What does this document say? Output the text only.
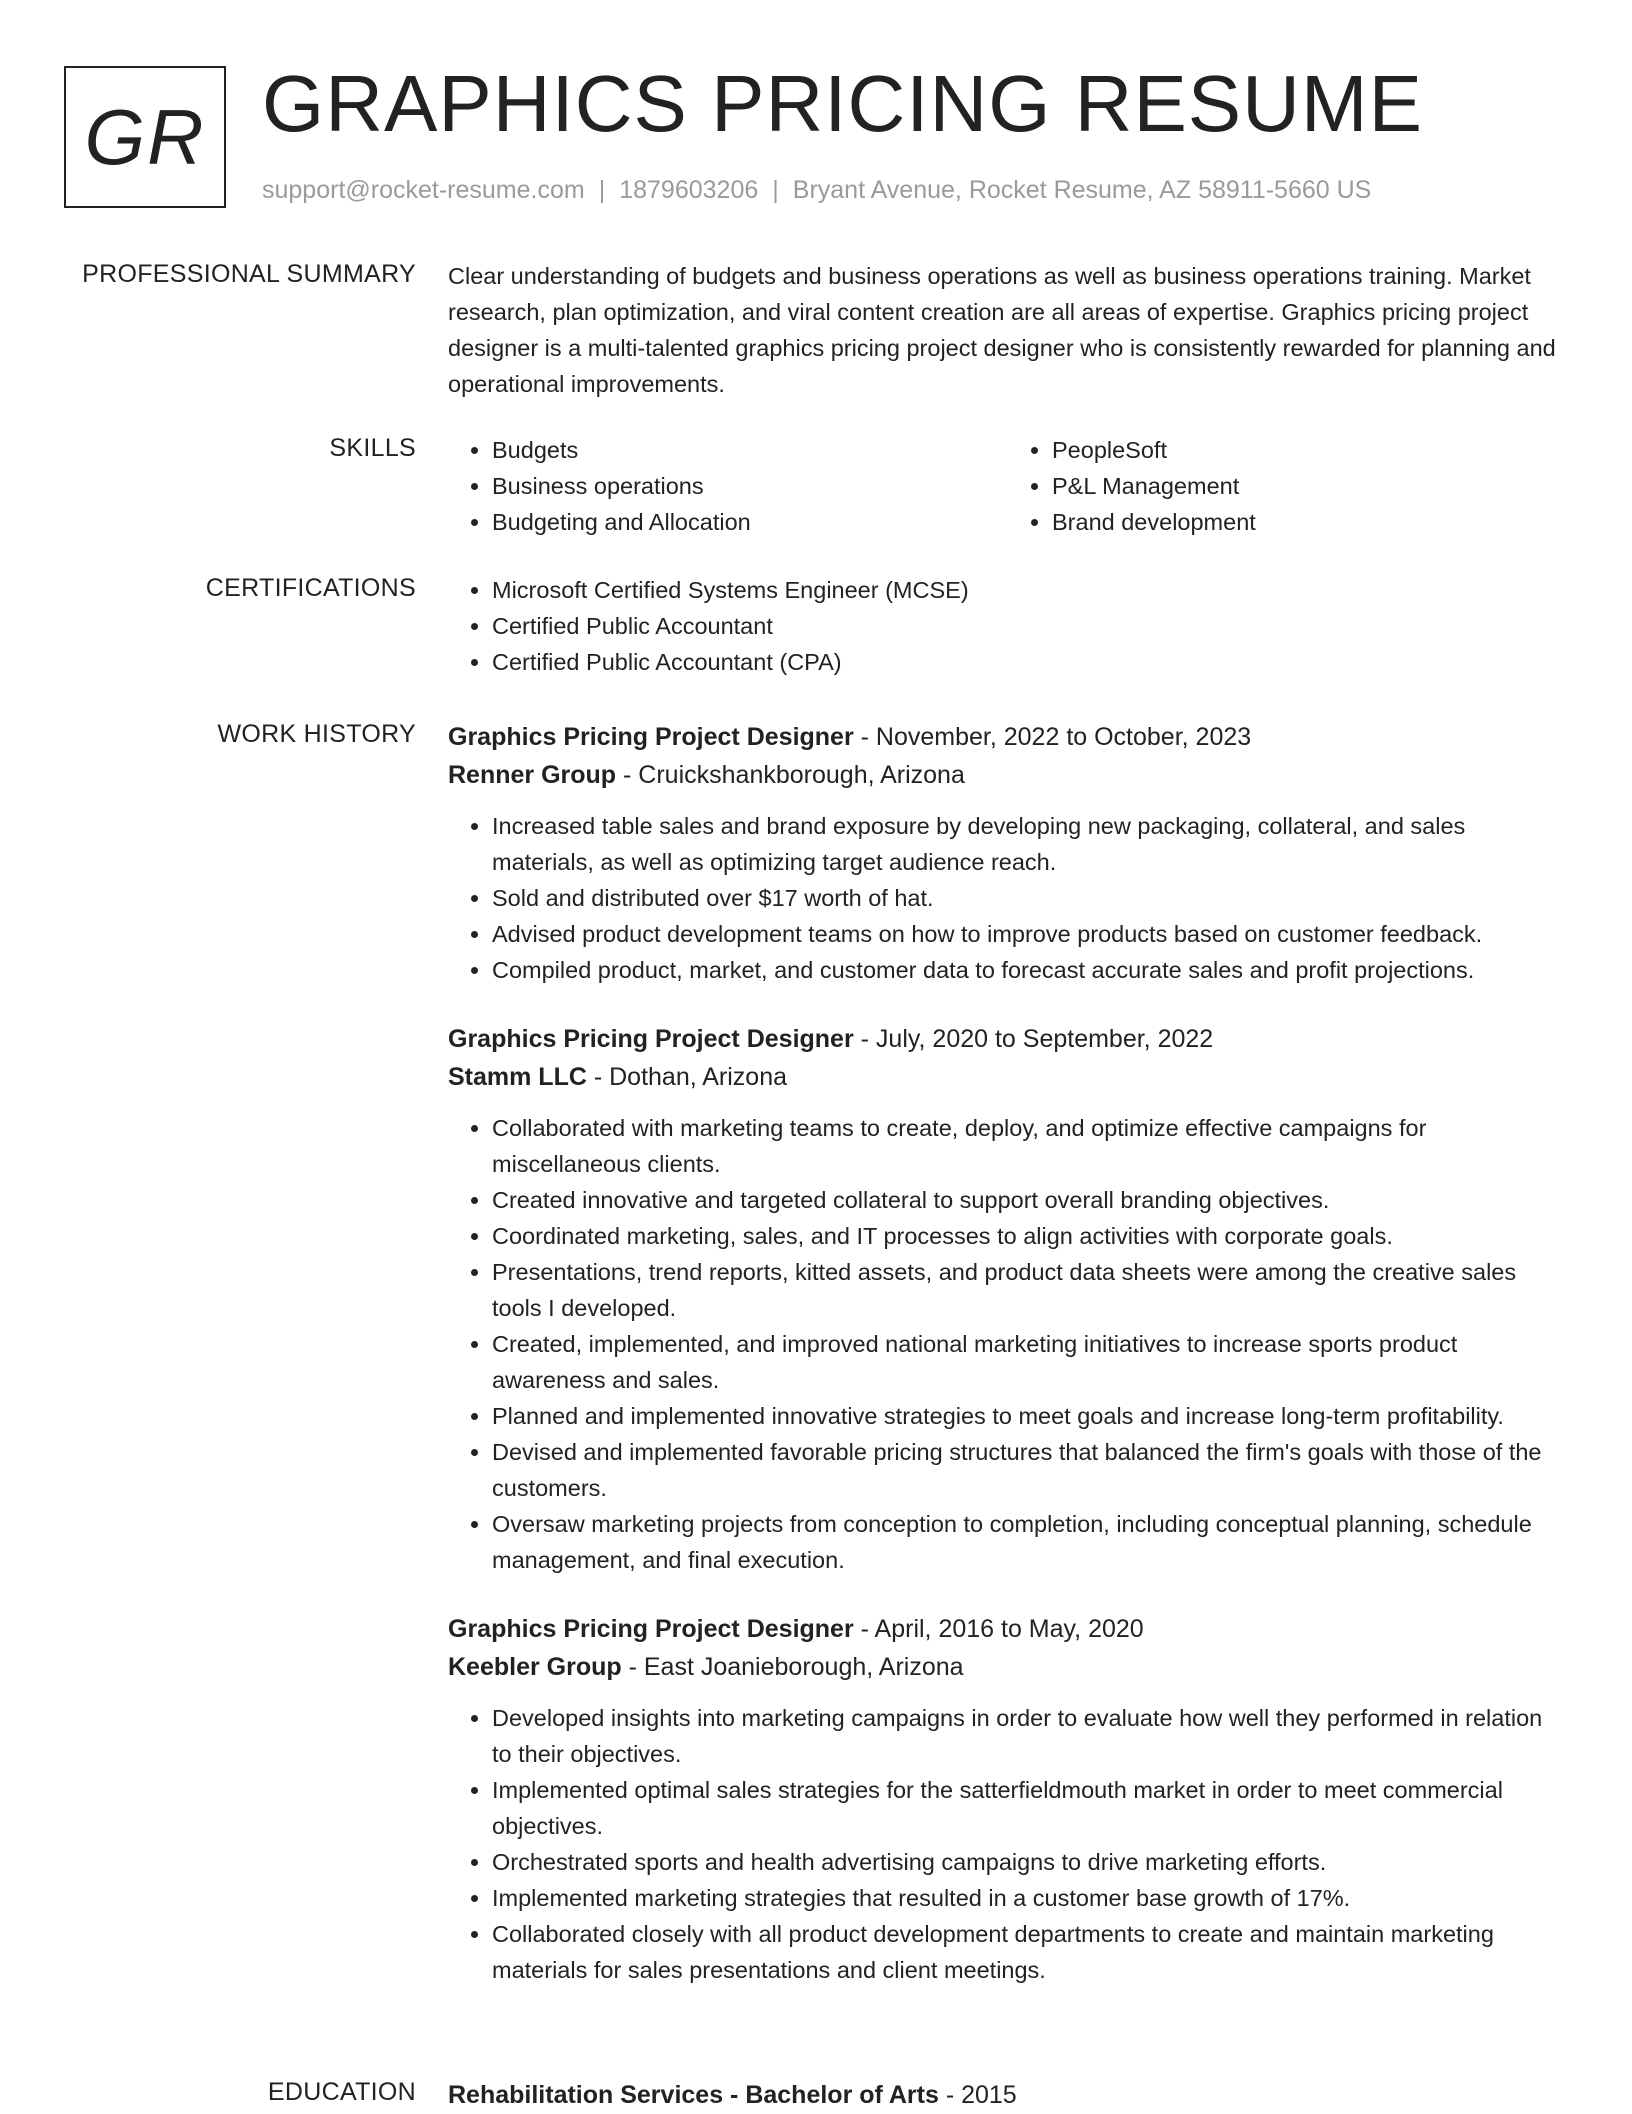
GR GRAPHICS PRICING RESUME
support@rocket-resume.com | 1879603206 | Bryant Avenue, Rocket Resume, AZ 58911-5660 US
PROFESSIONAL SUMMARY Clear understanding of budgets and business operations as well as business operations training. Market research, plan optimization, and viral content creation are all areas of expertise. Graphics pricing project designer is a multi-talented graphics pricing project designer who is consistently rewarded for planning and operational improvements.

SKILLS	• Budgets
• Business operations
• Budgeting and Allocation
• PeopleSoft
• P&L Management
• Brand development
CERTIFICATIONS	• Microsoft Certified Systems Engineer (MCSE)
• Certified Public Accountant
• Certified Public Accountant (CPA)
WORK HISTORY Graphics Pricing Project Designer - November, 2022 to October, 2023
Renner Group - Cruickshankborough, Arizona
• Increased table sales and brand exposure by developing new packaging, collateral, and sales materials, as well as optimizing target audience reach.
• Sold and distributed over $17 worth of hat.
• Advised product development teams on how to improve products based on customer feedback.
• Compiled product, market, and customer data to forecast accurate sales and profit projections.
Graphics Pricing Project Designer - July, 2020 to September, 2022
Stamm LLC - Dothan, Arizona
• Collaborated with marketing teams to create, deploy, and optimize effective campaigns for miscellaneous clients.
• Created innovative and targeted collateral to support overall branding objectives.
• Coordinated marketing, sales, and IT processes to align activities with corporate goals.
• Presentations, trend reports, kitted assets, and product data sheets were among the creative sales tools I developed.
• Created, implemented, and improved national marketing initiatives to increase sports product awareness and sales.
• Planned and implemented innovative strategies to meet goals and increase long-term profitability.
• Devised and implemented favorable pricing structures that balanced the firm's goals with those of the customers.
• Oversaw marketing projects from conception to completion, including conceptual planning, schedule management, and final execution.
Graphics Pricing Project Designer - April, 2016 to May, 2020
Keebler Group - East Joanieborough, Arizona
• Developed insights into marketing campaigns in order to evaluate how well they performed in relation to their objectives.
• Implemented optimal sales strategies for the satterfieldmouth market in order to meet commercial objectives.
• Orchestrated sports and health advertising campaigns to drive marketing efforts.
• Implemented marketing strategies that resulted in a customer base growth of 17%.
• Collaborated closely with all product development departments to create and maintain marketing materials for sales presentations and client meetings.
EDUCATION Rehabilitation Services - Bachelor of Arts - 2015
